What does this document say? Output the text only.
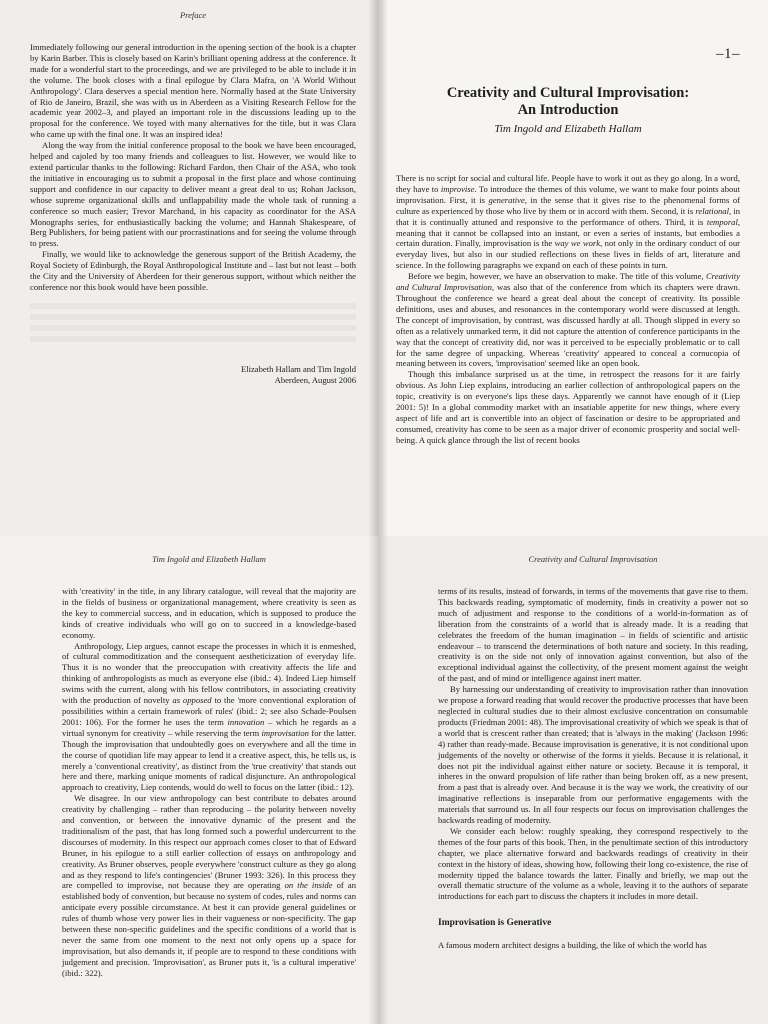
Preface

Immediately following our general introduction in the opening section of the book is a chapter by Karin Barber. This is closely based on Karin's brilliant opening address at the conference. It made for a wonderful start to the proceedings, and we are privileged to be able to include it in the volume. The book closes with a final epilogue by Clara Mafra, on 'A World Without Anthropology'. Clara deserves a special mention here. Normally based at the State University of Rio de Janeiro, Brazil, she was with us in Aberdeen as a Visiting Research Fellow for the academic year 2002–3, and played an important role in the discussions leading up to the proposal for the conference. We toyed with many alternatives for the title, but it was Clara who came up with the final one. It was an inspired idea!

Along the way from the initial conference proposal to the book we have been encouraged, helped and cajoled by too many friends and colleagues to list. However, we would like to extend particular thanks to the following: Richard Fardon, then Chair of the ASA, who took the initiative in encouraging us to submit a proposal in the first place and whose continuing support and confidence in our capacity to deliver meant a great deal to us; Rohan Jackson, whose supreme organizational skills and unflappability made the whole task of running a conference so much easier; Trevor Marchand, in his capacity as coordinator for the ASA Monographs series, for enthusiastically backing the volume; and Hannah Shakespeare, of Berg Publishers, for being patient with our procrastinations and for seeing the volume through to press.

Finally, we would like to acknowledge the generous support of the British Academy, the Royal Society of Edinburgh, the Royal Anthropological Institute and – last but not least – both the City and the University of Aberdeen for their generous support, without which neither the conference nor this book would have been possible.

Elizabeth Hallam and Tim Ingold
Aberdeen, August 2006
–1–
Creativity and Cultural Improvisation:
An Introduction
Tim Ingold and Elizabeth Hallam

There is no script for social and cultural life. People have to work it out as they go along. In a word, they have to improvise. To introduce the themes of this volume, we want to make four points about improvisation. First, it is generative, in the sense that it gives rise to the phenomenal forms of culture as experienced by those who live by them or in accord with them. Second, it is relational, in that it is continually attuned and responsive to the performance of others. Third, it is temporal, meaning that it cannot be collapsed into an instant, or even a series of instants, but embodies a certain duration. Finally, improvisation is the way we work, not only in the ordinary conduct of our everyday lives, but also in our studied reflections on these lives in fields of art, literature and science. In the following paragraphs we expand on each of these points in turn.

Before we begin, however, we have an observation to make. The title of this volume, Creativity and Cultural Improvisation, was also that of the conference from which its chapters were drawn. Throughout the conference we heard a great deal about the concept of creativity. Its possible definitions, uses and abuses, and resonances in the contemporary world were discussed at length. The concept of improvisation, by contrast, was discussed hardly at all. Though slipped in every so often as a relatively unmarked term, it did not capture the attention of conference participants in the way that the concept of creativity did, nor was it perceived to be especially problematic or to call for the same degree of unpacking. Whereas 'creativity' appeared to conceal a cornucopia of meaning between its covers, 'improvisation' seemed like an open book.

Though this imbalance surprised us at the time, in retrospect the reasons for it are fairly obvious. As John Liep explains, introducing an earlier collection of anthropological papers on the topic, creativity is on everyone's lips these days. Apparently we cannot have enough of it (Liep 2001: 5)! In a global commodity market with an insatiable appetite for new things, where every aspect of life and art is convertible into an object of fascination or desire to be appropriated and consumed, creativity has come to be seen as a major driver of economic prosperity and social well-being. A quick glance through the list of recent books

Tim Ingold and Elizabeth Hallam

with 'creativity' in the title, in any library catalogue, will reveal that the majority are in the fields of business or organizational management, where creativity is seen as the key to commercial success, and in education, which is supposed to produce the kinds of creative individuals who will go on to succeed in a knowledge-based economy.

Anthropology, Liep argues, cannot escape the processes in which it is enmeshed, of cultural commoditization and the consequent aestheticization of everyday life. Thus it is no wonder that the preoccupation with creativity affects the life and thinking of anthropologists as much as everyone else (ibid.: 4). Indeed Liep himself swims with the current, along with his fellow contributors, in associating creativity with the production of novelty as opposed to the 'more conventional exploration of possibilities within a certain framework of rules' (ibid.: 2; see also Schade-Poulsen 2001: 106). For the former he uses the term innovation – which he regards as a virtual synonym for creativity – while reserving the term improvisation for the latter. Though the improvisation that undoubtedly goes on everywhere and all the time in the course of quotidian life may appear to lend it a creative aspect, this, he tells us, is merely a 'conventional creativity', as distinct from the 'true creativity' that stands out here and there, marking unique moments of radical disjuncture. An anthropological approach to creativity, Liep contends, would do well to focus on the latter (ibid.: 12).

We disagree. In our view anthropology can best contribute to debates around creativity by challenging – rather than reproducing – the polarity between novelty and convention, or between the innovative dynamic of the present and the traditionalism of the past, that has long formed such a powerful undercurrent to the discourses of modernity. In this respect our approach comes closer to that of Edward Bruner, in his epilogue to a still earlier collection of essays on anthropology and creativity. As Bruner observes, people everywhere 'construct culture as they go along and as they respond to life's contingencies' (Bruner 1993: 326). In this process they are compelled to improvise, not because they are operating on the inside of an established body of convention, but because no system of codes, rules and norms can anticipate every possible circumstance. At best it can provide general guidelines or rules of thumb whose very power lies in their vagueness or non-specificity. The gap between these non-specific guidelines and the specific conditions of a world that is never the same from one moment to the next not only opens up a space for improvisation, but also demands it, if people are to respond to these conditions with judgement and precision. 'Improvisation', as Bruner puts it, 'is a cultural imperative' (ibid.: 322).

Creativity and Cultural Improvisation

terms of its results, instead of forwards, in terms of the movements that gave rise to them. This backwards reading, symptomatic of modernity, finds in creativity a power not so much of adjustment and response to the conditions of a world-in-formation as of liberation from the constraints of a world that is already made. It is a reading that celebrates the freedom of the human imagination – in fields of scientific and artistic endeavour – to transcend the determinations of both nature and society. In this reading, creativity is on the side not only of innovation against convention, but also of the exceptional individual against the collectivity, of the present moment against the weight of the past, and of mind or intelligence against inert matter.

By harnessing our understanding of creativity to improvisation rather than innovation we propose a forward reading that would recover the productive processes that have been neglected in cultural studies due to their almost exclusive concentration on consumable products (Friedman 2001: 48). The improvisational creativity of which we speak is that of a world that is crescent rather than created; that is 'always in the making' (Jackson 1996: 4) rather than ready-made. Because improvisation is generative, it is not conditional upon judgements of the novelty or otherwise of the forms it yields. Because it is relational, it does not pit the individual against either nature or society. Because it is temporal, it inheres in the onward propulsion of life rather than being broken off, as a new present, from a past that is already over. And because it is the way we work, the creativity of our imaginative reflections is inseparable from our performative engagements with the materials that surround us. In all four respects our focus on improvisation challenges the backwards reading of modernity.

We consider each below: roughly speaking, they correspond respectively to the themes of the four parts of this book. Then, in the penultimate section of this introductory chapter, we place alternative forward and backwards readings of creativity in their context in the history of ideas, showing how, following their long co-existence, the rise of modernity tipped the balance towards the latter. Finally and briefly, we map out the overall thematic structure of the volume as a whole, leaving it to the authors of separate introductions for each part to discuss the chapters it includes in more detail.

Improvisation is Generative

A famous modern architect designs a building, the like of which the world has
